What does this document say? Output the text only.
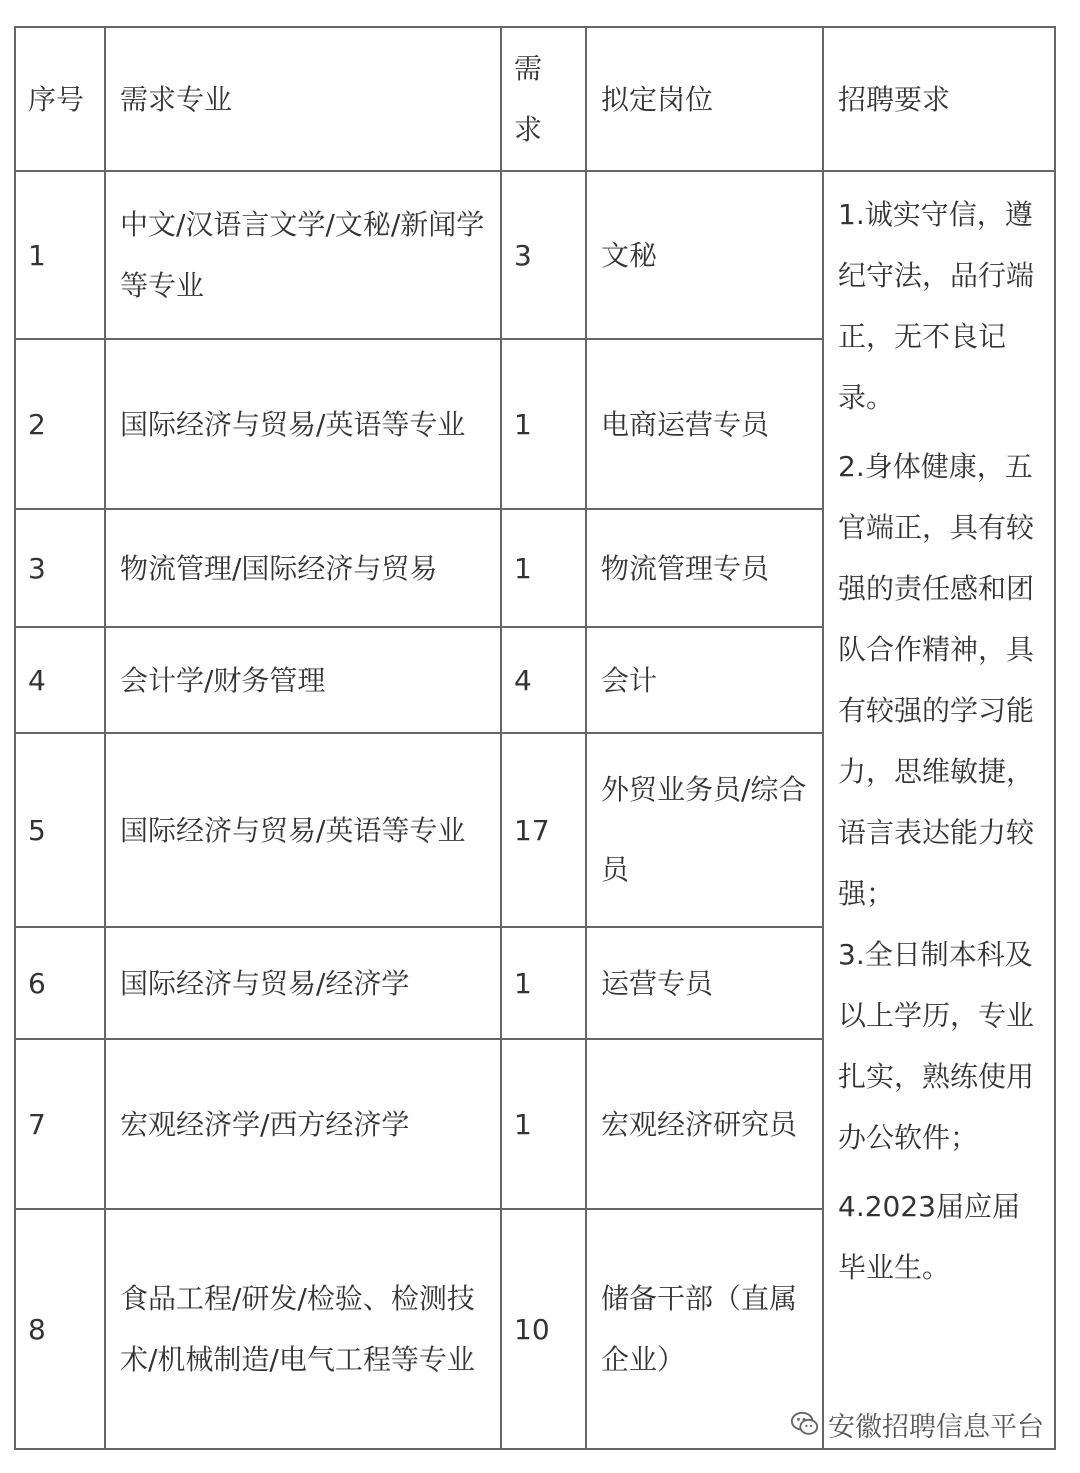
序号	需求专业	需求	拟定岗位	招聘要求
1	中文/汉语言文学/文秘/新闻学等专业	3	文秘	1.诚实守信，遵纪守法，品行端正，无不良记录。

2.身体健康，五官端正，具有较强的责任感和团队合作精神，具有较强的学习能力，思维敏捷，语言表达能力较强；

3.全日制本科及以上学历，专业扎实，熟练使用办公软件；

4.2023届应届毕业生。

2	国际经济与贸易/英语等专业	1	电商运营专员	
3	物流管理/国际经济与贸易	1	物流管理专员	
4	会计学/财务管理	4	会计	
5	国际经济与贸易/英语等专业	17	外贸业务员/综合员	
6	国际经济与贸易/经济学	1	运营专员	
7	宏观经济学/西方经济学	1	宏观经济研究员	
8	食品工程/研发/检验、检测技术/机械制造/电气工程等专业	10	储备干部（直属企业）	
安徽招聘信息平台
